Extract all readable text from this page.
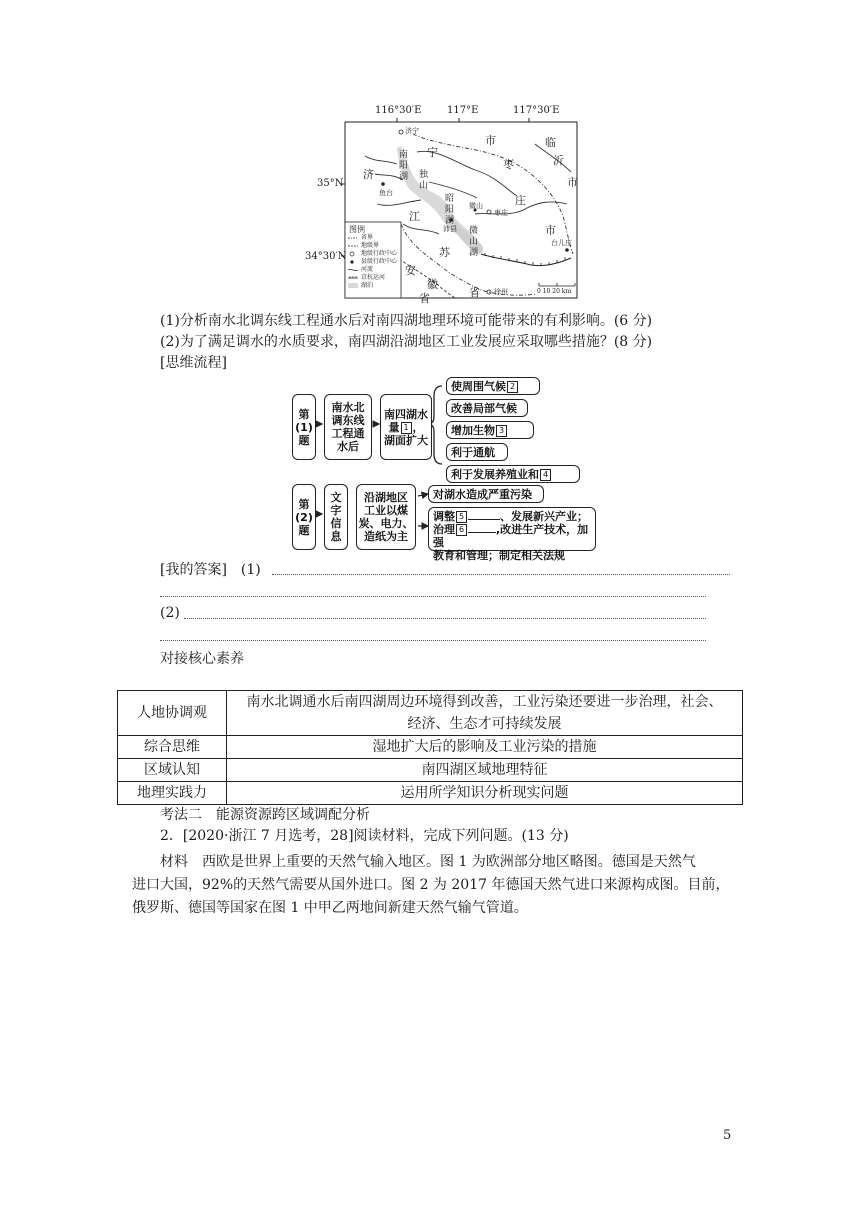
116°30′E	117°E	117°30′E
35°N
34°30′N
济宁
鱼台
沛县
微山
枣庄
台儿庄
徐州
南
阳
湖 独
山
昭
阳
湖
微
山
湖
宁
济
江
苏
安
徽
省	省
枣
庄
市
市
市
临
沂
图例
省界
地级界
地级行政中心
县级行政中心
河流
京杭运河
湖泊
0 10 20 km
(1)分析南水北调东线工程通水后对南四湖地理环境可能带来的有利影响。(6 分)
(2)为了满足调水的水质要求，南四湖沿湖地区工业发展应采取哪些措施？(8 分)
[思维流程]
第
(1)
题
南水北
调东线
工程通
水后
南四湖水
量 1 ，
湖面扩大
使周围气候 2
改善局部气候
增加生物 3
利于通航
利于发展养殖业和 4
第
(2)
题
文
字
信
息
沿湖地区
工业以煤
炭、电力、
造纸为主
对湖水造成严重污染
调整 5	、发展新兴产业；
治理 6	,改进生产技术，加强
教育和管理；制定相关法规
[我的答案]　(1)
(2)
对接核心素养
人地协调观	南水北调通水后南四湖周边环境得到改善，工业污染还要进一步治理，社会、
经济、生态才可持续发展

综合思维	湿地扩大后的影响及工业污染的措施
区域认知	南四湖区域地理特征
地理实践力	运用所学知识分析现实问题
考法二　能源资源跨区域调配分析
2．[2020·浙江 7 月选考，28]阅读材料，完成下列问题。(13 分)
材料　西欧是世界上重要的天然气输入地区。图 1 为欧洲部分地区略图。德国是天然气
进口大国，92%的天然气需要从国外进口。图 2 为 2017 年德国天然气进口来源构成图。目前，
俄罗斯、德国等国家在图 1 中甲乙两地间新建天然气输气管道。
5
